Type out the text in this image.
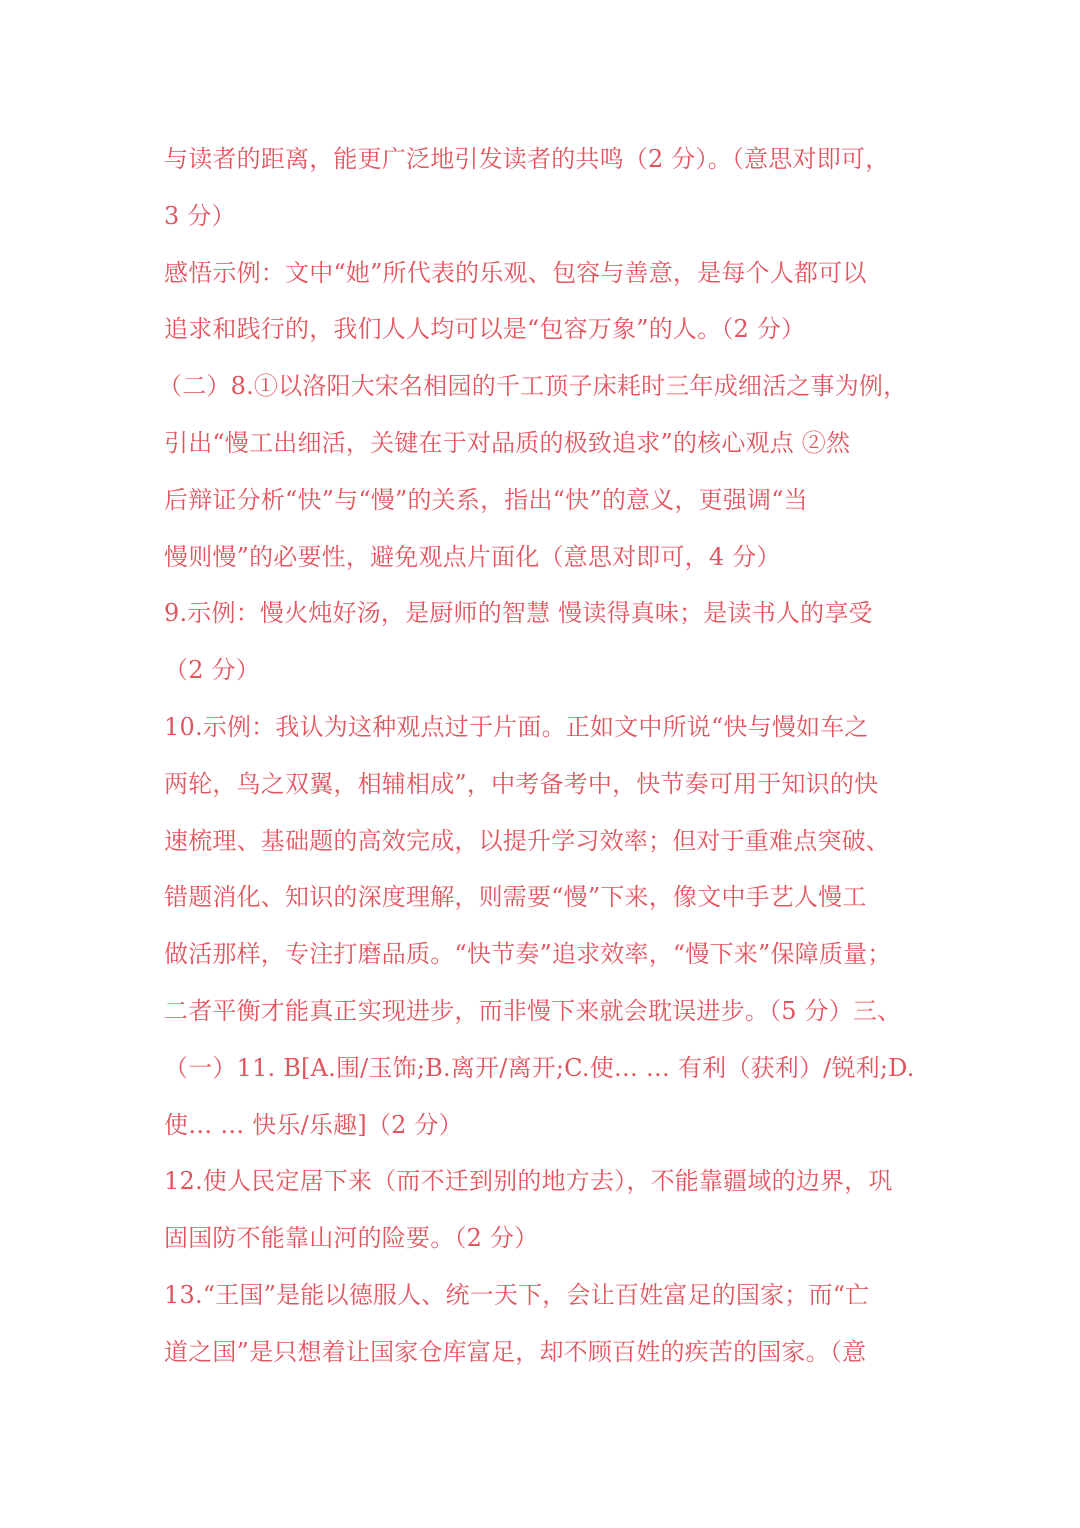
与读者的距离，能更广泛地引发读者的共鸣（2 分）。（意思对即可，
3 分）
感悟示例：文中“她”所代表的乐观、包容与善意，是每个人都可以
追求和践行的，我们人人均可以是“包容万象”的人。（2 分）
（二）8.①以洛阳大宋名相园的千工顶子床耗时三年成细活之事为例，
引出“慢工出细活，关键在于对品质的极致追求”的核心观点 ②然
后辩证分析“快”与“慢”的关系，指出“快”的意义，更强调“当
慢则慢”的必要性，避免观点片面化（意思对即可，4 分）
9.示例：慢火炖好汤，是厨师的智慧 慢读得真味；是读书人的享受
（2 分）
10.示例：我认为这种观点过于片面。正如文中所说“快与慢如车之
两轮，鸟之双翼，相辅相成”，中考备考中，快节奏可用于知识的快
速梳理、基础题的高效完成，以提升学习效率；但对于重难点突破、
错题消化、知识的深度理解，则需要“慢”下来，像文中手艺人慢工
做活那样，专注打磨品质。“快节奏”追求效率，“慢下来”保障质量；
二者平衡才能真正实现进步，而非慢下来就会耽误进步。（5 分）三、
（一）11. B[A.围/玉饰;B.离开/离开;C.使… … 有利（获利）/锐利;D.
使… … 快乐/乐趣]（2 分）
12.使人民定居下来（而不迁到别的地方去），不能靠疆域的边界，巩
固国防不能靠山河的险要。（2 分）
13.“王国”是能以德服人、统一天下，会让百姓富足的国家；而“亡
道之国”是只想着让国家仓库富足，却不顾百姓的疾苦的国家。（意
